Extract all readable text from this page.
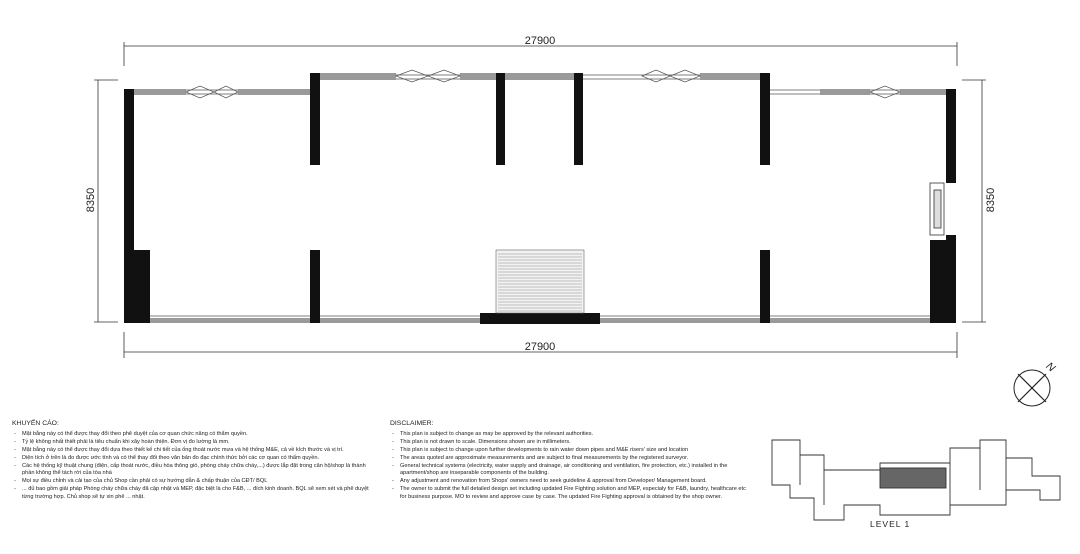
27900
27900
8350	8350
N
KHUYẾN CÁO:
- Mặt bằng này có thể được thay đổi theo phê duyệt của cơ quan chức năng có thẩm quyền.
- Tỷ lệ không nhất thiết phải là tiêu chuẩn khi xây hoàn thiện. Đơn vị đo lường là mm.
- Mặt bằng này có thể được thay đổi dựa theo thiết kế chi tiết của ống thoát nước mưa và hệ thống M&E, cả về kích thước và vị trí.
- Diện tích ở trên là đo được ước tính và có thể thay đổi theo văn bản đo đạc chính thức bởi các cơ quan có thẩm quyền.
- Các hệ thống kỹ thuật chung (điện, cấp thoát nước, điều hòa thông gió, phòng cháy chữa cháy,...) được lắp đặt trong căn hộ/shop là thành phần không thể tách rời của tòa nhà
- Mọi sự điều chỉnh và cải tạo của chủ Shop cần phải có sự hướng dẫn & chấp thuận của CĐT/ BQL
- ... đủ bao gồm giải pháp Phòng cháy chữa cháy đã cập nhật và MEP, đặc biệt là cho F&B, ... đích kinh doanh. BQL sẽ xem xét và phê duyệt từng trường hợp. Chủ shop sẽ tự xin phê ... nhật.
DISCLAIMER:
- This plan is subject to change as may be approved by the relevant authorities.
- This plan is not drawn to scale. Dimensions shown are in millimeters.
- This plan is subject to change upon further developments to rain water down pipes and M&E risers' size and location
- The areas quoted are approximate measurements and are subject to final measurements by the registered surveyor.
- General technical systems (electricity, water supply and drainage, air conditioning and ventilation, fire protection, etc.) installed in the apartment/shop are inseparable components of the building.
- Any adjustment and renovation from Shops' owners need to seek guideline & approval from Developer/ Management board.
- The owner to submit the full detailed design set including updated Fire Fighting solution and MEP, especialy for F&B, laundry, healthcare etc for business purpose. MO to review and approve case by case. The updated Fire Fighting approval is obtained by the shop owner.
LEVEL 1
